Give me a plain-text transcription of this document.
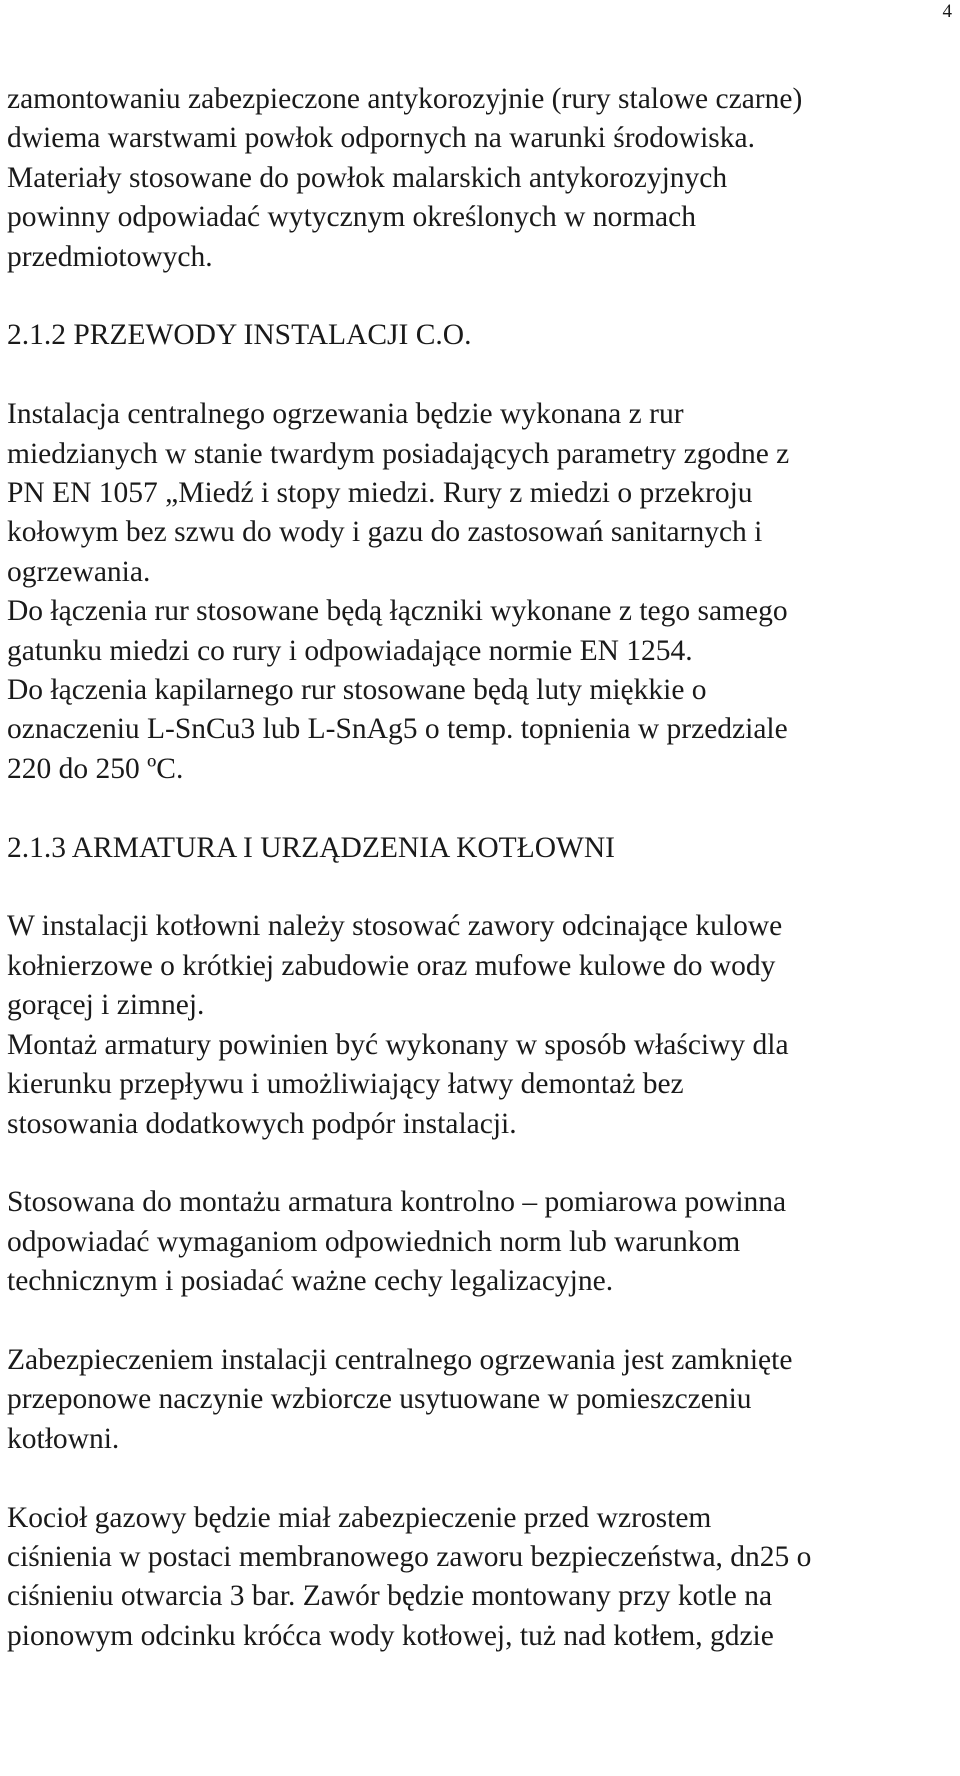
4

zamontowaniu zabezpieczone antykorozyjnie (rury stalowe czarne)
dwiema warstwami powłok odpornych na warunki środowiska.
Materiały stosowane do powłok malarskich antykorozyjnych
powinny odpowiadać wytycznym określonych w normach
przedmiotowych.

2.1.2 PRZEWODY INSTALACJI C.O.

Instalacja centralnego ogrzewania będzie wykonana z rur
miedzianych w stanie twardym posiadających parametry zgodne z
PN EN 1057 „Miedź i stopy miedzi. Rury z miedzi o przekroju
kołowym bez szwu do wody i gazu do zastosowań sanitarnych i
ogrzewania.

Do łączenia rur stosowane będą łączniki wykonane z tego samego
gatunku miedzi co rury i odpowiadające normie EN 1254.

Do łączenia kapilarnego rur stosowane będą luty miękkie o
oznaczeniu L-SnCu3 lub L-SnAg5 o temp. topnienia w przedziale
220 do 250 ºC.

2.1.3 ARMATURA I URZĄDZENIA KOTŁOWNI

W instalacji kotłowni należy stosować zawory odcinające kulowe
kołnierzowe o krótkiej zabudowie oraz mufowe kulowe do wody
gorącej i zimnej.

Montaż armatury powinien być wykonany w sposób właściwy dla
kierunku przepływu i umożliwiający łatwy demontaż bez
stosowania dodatkowych podpór instalacji.

Stosowana do montażu armatura kontrolno – pomiarowa powinna
odpowiadać wymaganiom odpowiednich norm lub warunkom
technicznym i posiadać ważne cechy legalizacyjne.

Zabezpieczeniem instalacji centralnego ogrzewania jest zamknięte
przeponowe naczynie wzbiorcze usytuowane w pomieszczeniu
kotłowni.

Kocioł gazowy będzie miał zabezpieczenie przed wzrostem
ciśnienia w postaci membranowego zaworu bezpieczeństwa, dn25 o
ciśnieniu otwarcia 3 bar. Zawór będzie montowany przy kotle na
pionowym odcinku króćca wody kotłowej, tuż nad kotłem, gdzie
